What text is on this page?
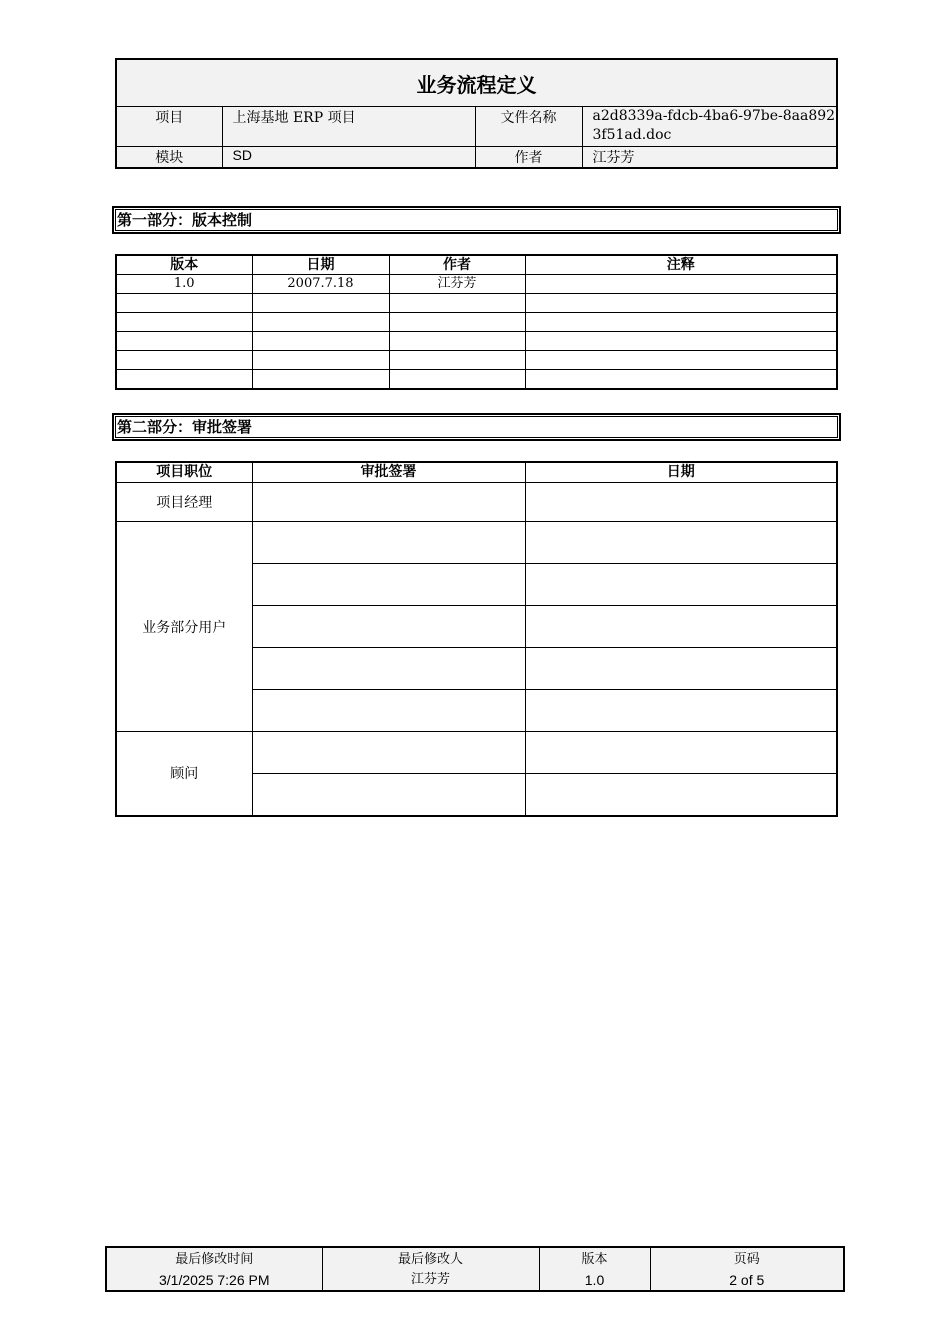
业务流程定义			
项目	上海基地 ERP 项目	文件名称	a2d8339a-fdcb-4ba6-97be-8aa8923f51ad.doc
模块	SD	作者	江芬芳
第一部分：版本控制
版本	日期	作者	注释
1.0	2007.7.18	江芬芳	

第二部分：审批签署
项目职位	审批签署	日期
项目经理		
业务部分用户		

顾问		

最后修改时间
3/1/2025 7:26 PM

最后修改人
江芬芳

版本
1.0

页码
2 of 5
